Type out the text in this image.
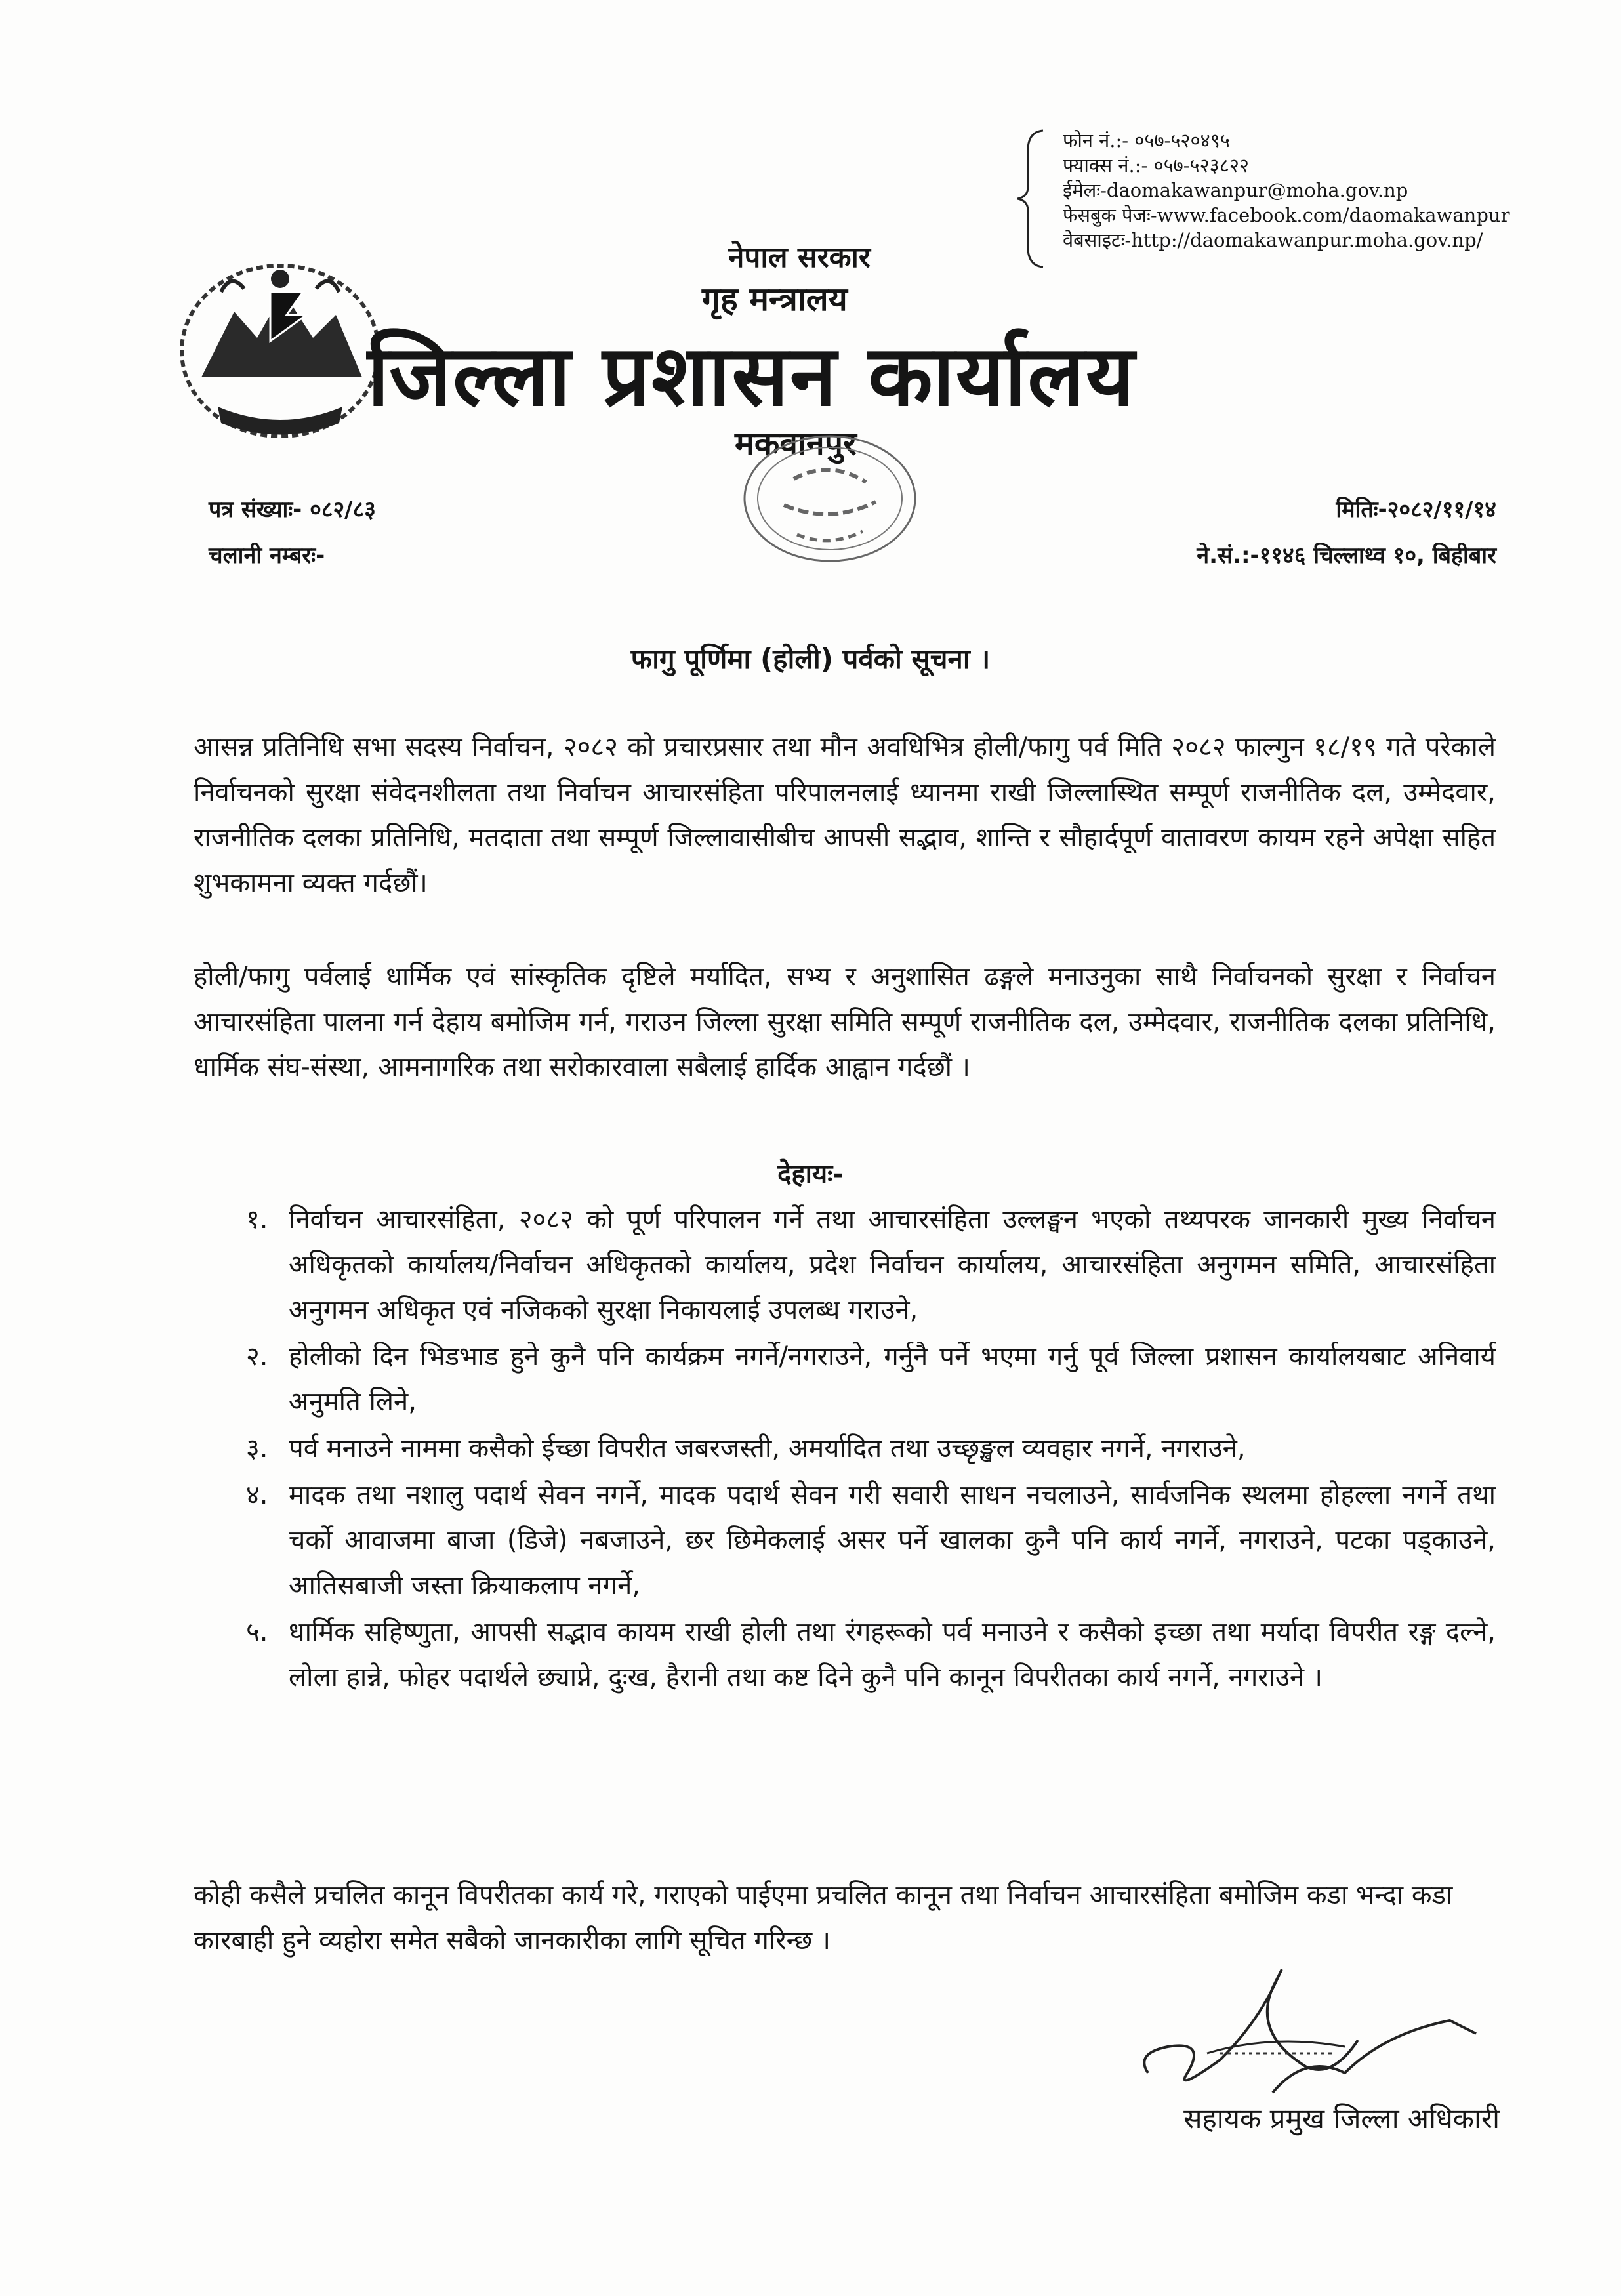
फोन नं.:- ०५७-५२०४९५
फ्याक्स नं.:- ०५७-५२३८२२
ईमेलः-daomakawanpur@moha.gov.np
फेसबुक पेजः-www.facebook.com/daomakawanpur
वेबसाइटः-http://daomakawanpur.moha.gov.np/
नेपाल सरकार
गृह मन्त्रालय
जिल्ला प्रशासन कार्यालय
मकवानपुर
पत्र संख्याः- ०८२/८३
चलानी नम्बरः-
मितिः-२०८२/११/१४
ने.सं.:-११४६ चिल्लाथ्व १०, बिहीबार
फागु पूर्णिमा (होली) पर्वको सूचना ।
आसन्न प्रतिनिधि सभा सदस्य निर्वाचन, २०८२ को प्रचारप्रसार तथा मौन अवधिभित्र होली/फागु पर्व मिति २०८२ फाल्गुन १८/१९ गते परेकाले निर्वाचनको सुरक्षा संवेदनशीलता तथा निर्वाचन आचारसंहिता परिपालनलाई ध्यानमा राखी जिल्लास्थित सम्पूर्ण राजनीतिक दल, उम्मेदवार, राजनीतिक दलका प्रतिनिधि, मतदाता तथा सम्पूर्ण जिल्लावासीबीच आपसी सद्भाव, शान्ति र सौहार्दपूर्ण वातावरण कायम रहने अपेक्षा सहित शुभकामना व्यक्त गर्दछौं।
होली/फागु पर्वलाई धार्मिक एवं सांस्कृतिक दृष्टिले मर्यादित, सभ्य र अनुशासित ढङ्गले मनाउनुका साथै निर्वाचनको सुरक्षा र निर्वाचन आचारसंहिता पालना गर्न देहाय बमोजिम गर्न, गराउन जिल्ला सुरक्षा समिति सम्पूर्ण राजनीतिक दल, उम्मेदवार, राजनीतिक दलका प्रतिनिधि, धार्मिक संघ-संस्था, आमनागरिक तथा सरोकारवाला सबैलाई हार्दिक आह्वान गर्दछौं ।
देहायः-
१. निर्वाचन आचारसंहिता, २०८२ को पूर्ण परिपालन गर्ने तथा आचारसंहिता उल्लङ्घन भएको तथ्यपरक जानकारी मुख्य निर्वाचन अधिकृतको कार्यालय/निर्वाचन अधिकृतको कार्यालय, प्रदेश निर्वाचन कार्यालय, आचारसंहिता अनुगमन समिति, आचारसंहिता अनुगमन अधिकृत एवं नजिकको सुरक्षा निकायलाई उपलब्ध गराउने,
२. होलीको दिन भिडभाड हुने कुनै पनि कार्यक्रम नगर्ने/नगराउने, गर्नुनै पर्ने भएमा गर्नु पूर्व जिल्ला प्रशासन कार्यालयबाट अनिवार्य अनुमति लिने,
३. पर्व मनाउने नाममा कसैको ईच्छा विपरीत जबरजस्ती, अमर्यादित तथा उच्छृङ्खल व्यवहार नगर्ने, नगराउने,
४. मादक तथा नशालु पदार्थ सेवन नगर्ने, मादक पदार्थ सेवन गरी सवारी साधन नचलाउने, सार्वजनिक स्थलमा होहल्ला नगर्ने तथा चर्को आवाजमा बाजा (डिजे) नबजाउने, छर छिमेकलाई असर पर्ने खालका कुनै पनि कार्य नगर्ने, नगराउने, पटका पड्काउने, आतिसबाजी जस्ता क्रियाकलाप नगर्ने,
५. धार्मिक सहिष्णुता, आपसी सद्भाव कायम राखी होली तथा रंगहरूको पर्व मनाउने र कसैको इच्छा तथा मर्यादा विपरीत रङ्ग दल्ने, लोला हान्ने, फोहर पदार्थले छ्याप्ने, दुःख, हैरानी तथा कष्ट दिने कुनै पनि कानून विपरीतका कार्य नगर्ने, नगराउने ।
कोही कसैले प्रचलित कानून विपरीतका कार्य गरे, गराएको पाईएमा प्रचलित कानून तथा निर्वाचन आचारसंहिता बमोजिम कडा भन्दा कडा कारबाही हुने व्यहोरा समेत सबैको जानकारीका लागि सूचित गरिन्छ ।
सहायक प्रमुख जिल्ला अधिकारी
